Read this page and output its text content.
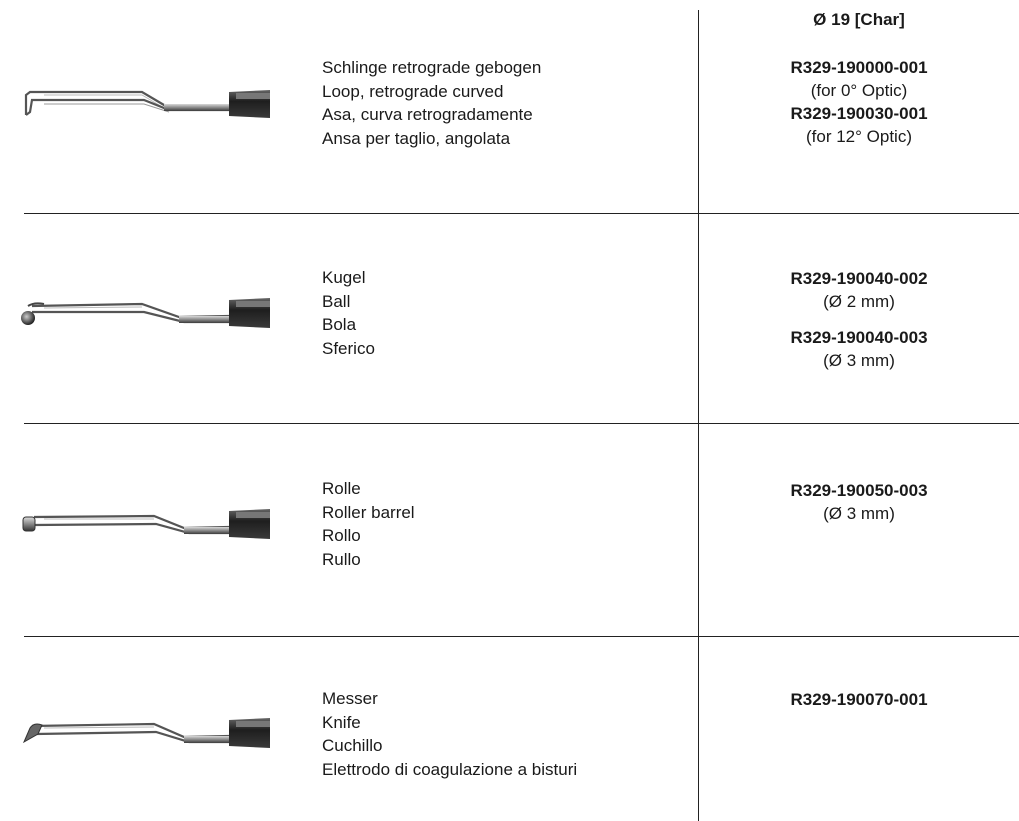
Ø 19 [Char]
Schlinge retrograde gebogen
Loop, retrograde curved
Asa, curva retrogradamente
Ansa per taglio, angolata
R329-190000-001
(for 0° Optic)
R329-190030-001
(for 12° Optic)
Kugel
Ball
Bola
Sferico
R329-190040-002
(Ø 2 mm)
R329-190040-003
(Ø 3 mm)
Rolle
Roller barrel
Rollo
Rullo
R329-190050-003
(Ø 3 mm)
Messer
Knife
Cuchillo
Elettrodo di coagulazione a bisturi
R329-190070-001
